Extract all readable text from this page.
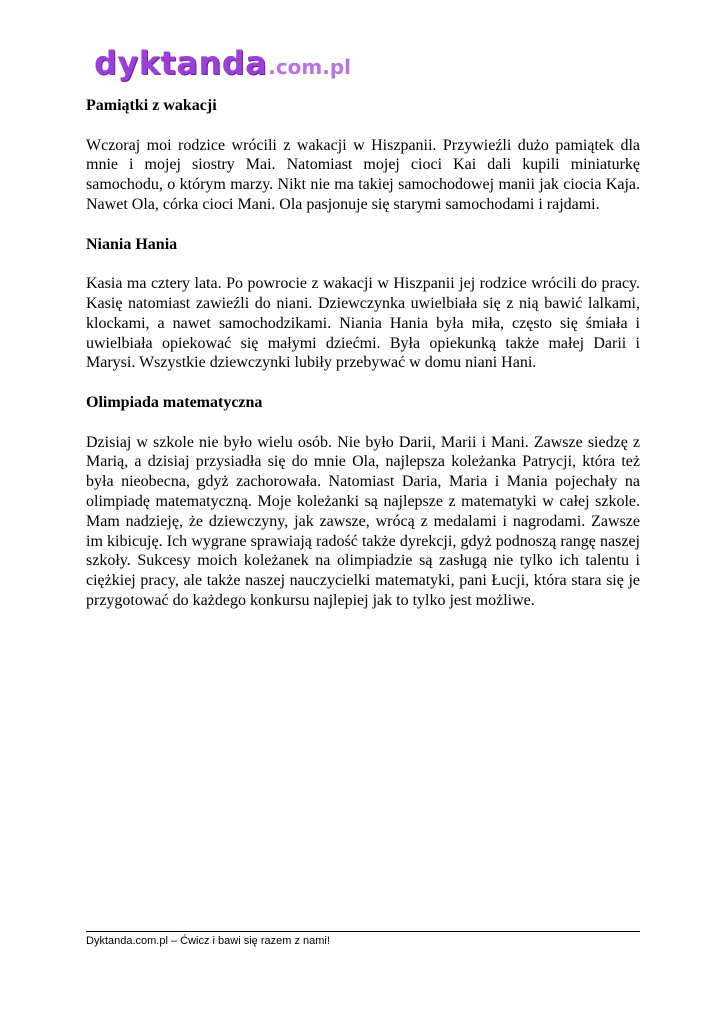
dyktanda.com.pl
Pamiątki z wakacji

Wczoraj moi rodzice wrócili z wakacji w Hiszpanii. Przywieźli dużo pamiątek dla mnie i mojej siostry Mai. Natomiast mojej cioci Kai dali kupili miniaturkę samochodu, o którym marzy. Nikt nie ma takiej samochodowej manii jak ciocia Kaja. Nawet Ola, córka cioci Mani. Ola pasjonuje się starymi samochodami i rajdami.

Niania Hania

Kasia ma cztery lata. Po powrocie z wakacji w Hiszpanii jej rodzice wrócili do pracy. Kasię natomiast zawieźli do niani. Dziewczynka uwielbiała się z nią bawić lalkami, klockami, a nawet samochodzikami. Niania Hania była miła, często się śmiała i uwielbiała opiekować się małymi dziećmi. Była opiekunką także małej Darii i Marysi. Wszystkie dziewczynki lubiły przebywać w domu niani Hani.

Olimpiada matematyczna

Dzisiaj w szkole nie było wielu osób. Nie było Darii, Marii i Mani. Zawsze siedzę z Marią, a dzisiaj przysiadła się do mnie Ola, najlepsza koleżanka Patrycji, która też była nieobecna, gdyż zachorowała. Natomiast Daria, Maria i Mania pojechały na olimpiadę matematyczną. Moje koleżanki są najlepsze z matematyki w całej szkole. Mam nadzieję, że dziewczyny, jak zawsze, wrócą z medalami i nagrodami. Zawsze im kibicuję. Ich wygrane sprawiają radość także dyrekcji, gdyż podnoszą rangę naszej szkoły. Sukcesy moich koleżanek na olimpiadzie są zasługą nie tylko ich talentu i ciężkiej pracy, ale także naszej nauczycielki matematyki, pani Łucji, która stara się je przygotować do każdego konkursu najlepiej jak to tylko jest możliwe.

Dyktanda.com.pl – Ćwicz i bawi się razem z nami!
